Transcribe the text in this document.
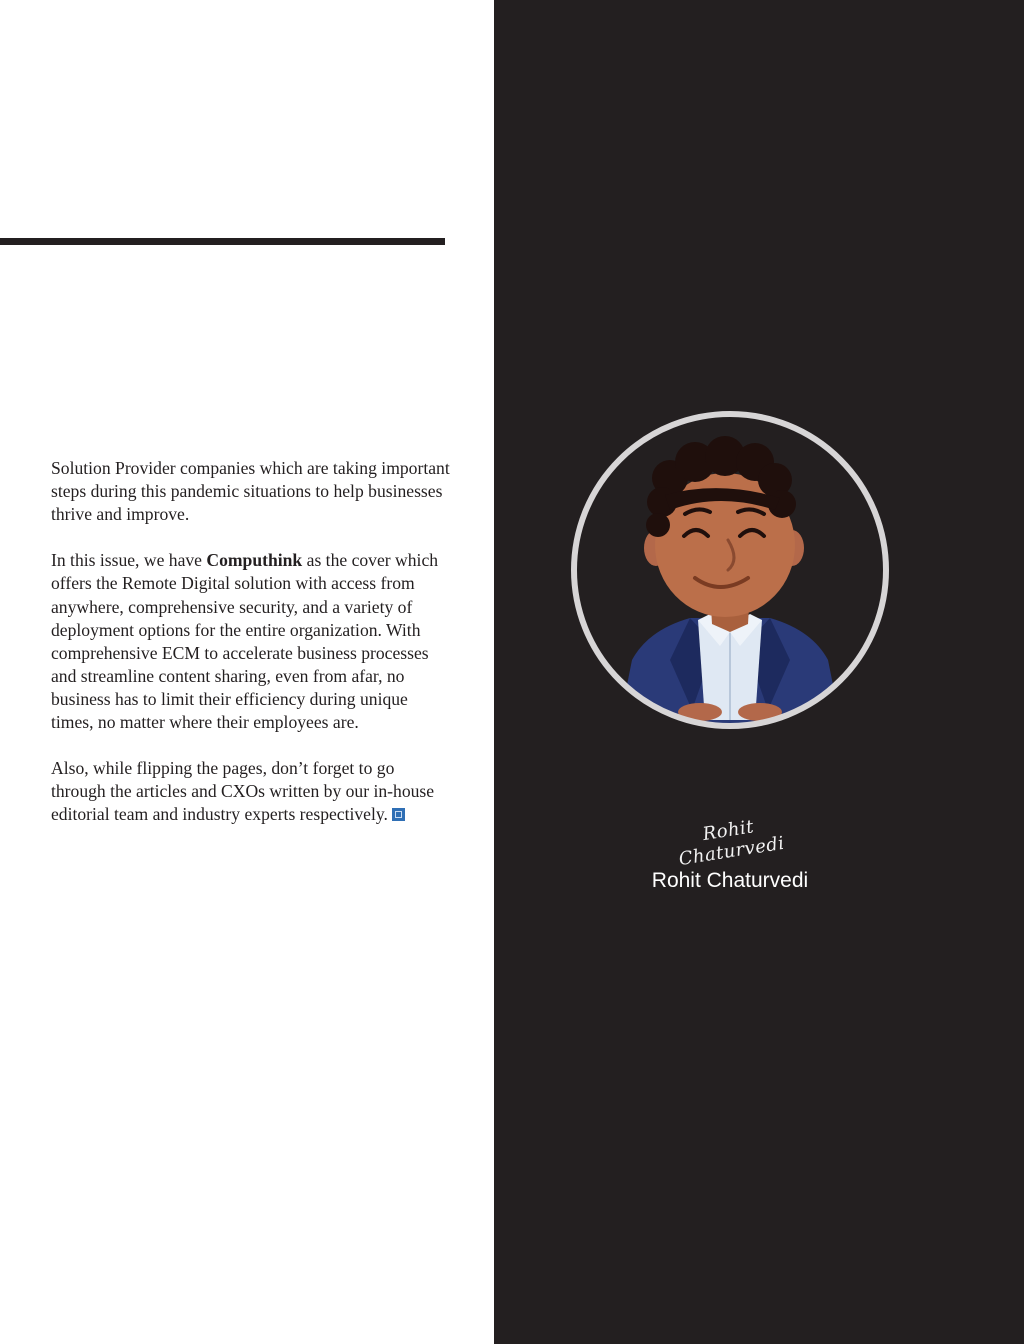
Solution Provider companies which are taking important steps during this pandemic situations to help businesses thrive and improve.

In this issue, we have Computhink as the cover which offers the Remote Digital solution with access from anywhere, comprehensive security, and a variety of deployment options for the entire organization. With comprehensive ECM to accelerate business processes and streamline content sharing, even from afar, no business has to limit their efficiency during unique times, no matter where their employees are.

Also, while flipping the pages, don’t forget to go through the articles and CXOs written by our in-house editorial team and industry experts respectively.

Rohit Chaturvedi
Rohit Chaturvedi
